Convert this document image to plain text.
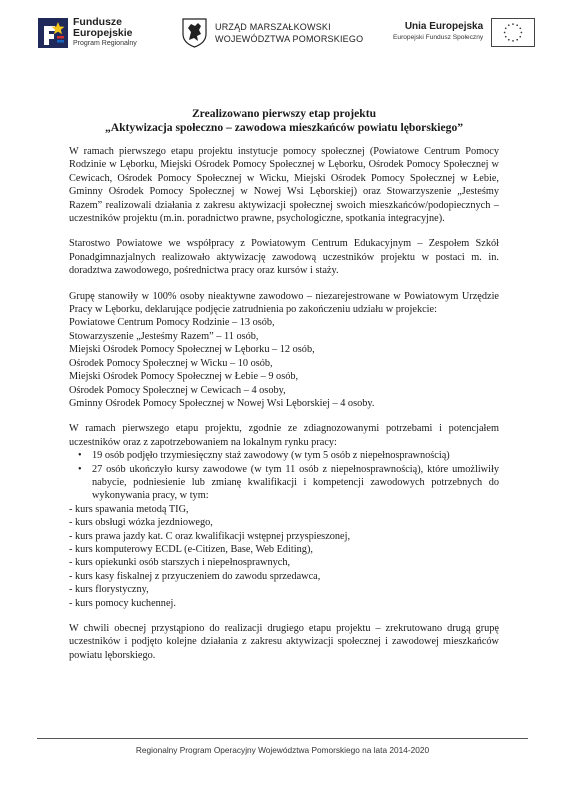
Fundusze
Europejskie
Program Regionalny
URZĄD MARSZAŁKOWSKI
WOJEWÓDZTWA POMORSKIEGO
Unia Europejska
Europejski Fundusz Społeczny
Zrealizowano pierwszy etap projektu
„Aktywizacja społeczno – zawodowa mieszkańców powiatu lęborskiego”

W ramach pierwszego etapu projektu instytucje pomocy społecznej (Powiatowe Centrum Pomocy Rodzinie w Lęborku, Miejski Ośrodek Pomocy Społecznej w Lęborku, Ośrodek Pomocy Społecznej w Cewicach, Ośrodek Pomocy Społecznej w Wicku, Miejski Ośrodek Pomocy Społecznej w Łebie, Gminny Ośrodek Pomocy Społecznej w Nowej Wsi Lęborskiej) oraz Stowarzyszenie „Jesteśmy Razem” realizowali działania z zakresu aktywizacji społecznej swoich mieszkańców/podopiecznych – uczestników projektu (m.in. poradnictwo prawne, psychologiczne, spotkania integracyjne).

Starostwo Powiatowe we współpracy z Powiatowym Centrum Edukacyjnym – Zespołem Szkół Ponadgimnazjalnych realizowało aktywizację zawodową uczestników projektu w postaci m. in. doradztwa zawodowego, pośrednictwa pracy oraz kursów i staży.

Grupę stanowiły w 100% osoby nieaktywne zawodowo – niezarejestrowane w Powiatowym Urzędzie Pracy w Lęborku, deklarujące podjęcie zatrudnienia po zakończeniu udziału w projekcie:

Powiatowe Centrum Pomocy Rodzinie – 13 osób,
Stowarzyszenie „Jesteśmy Razem” – 11 osób,
Miejski Ośrodek Pomocy Społecznej w Lęborku – 12 osób,
Ośrodek Pomocy Społecznej w Wicku – 10 osób,
Miejski Ośrodek Pomocy Społecznej w Łebie – 9 osób,
Ośrodek Pomocy Społecznej w Cewicach – 4 osoby,
Gminny Ośrodek Pomocy Społecznej w Nowej Wsi Lęborskiej – 4 osoby.

W ramach pierwszego etapu projektu, zgodnie ze zdiagnozowanymi potrzebami i potencjałem uczestników oraz z zapotrzebowaniem na lokalnym rynku pracy:

•	19 osób podjęło trzymiesięczny staż zawodowy (w tym 5 osób z niepełnosprawnością)
•	27 osób ukończyło kursy zawodowe (w tym 11 osób z niepełnosprawnością), które umożliwiły nabycie, podniesienie lub zmianę kwalifikacji i kompetencji zawodowych potrzebnych do wykonywania pracy, w tym:
- kurs spawania metodą TIG,
- kurs obsługi wózka jezdniowego,
- kurs prawa jazdy kat. C oraz kwalifikacji wstępnej przyspieszonej,
- kurs komputerowy ECDL (e-Citizen, Base, Web Editing),
- kurs opiekunki osób starszych i niepełnosprawnych,
- kurs kasy fiskalnej z przyuczeniem do zawodu sprzedawca,
- kurs florystyczny,
- kurs pomocy kuchennej.

W chwili obecnej przystąpiono do realizacji drugiego etapu projektu – zrekrutowano drugą grupę uczestników i podjęto kolejne działania z zakresu aktywizacji społecznej i zawodowej mieszkańców powiatu lęborskiego.

Regionalny Program Operacyjny Województwa Pomorskiego na lata 2014-2020
